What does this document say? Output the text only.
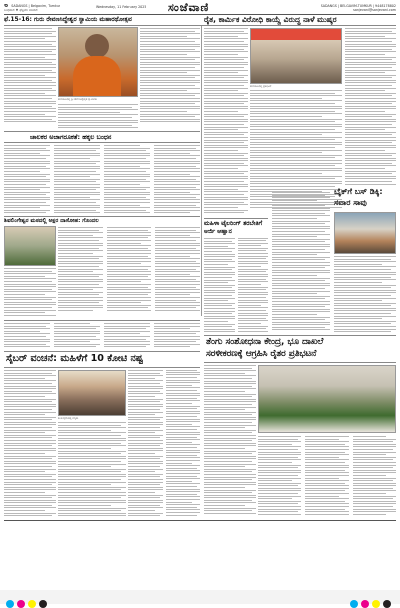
6 SADANGS | Belgavim, Tumkur
ಬುಧವಾರ ♦ ಫೆಬ್ರವರಿ ಬಾಜಾರ
Wednesday, 11 February 2025 ಸಂಜೆವಾಣಿ	SADANGS | BELGAVIM-TUMKUR | 9448178802
sanjevani@sanjevani.com
ಫೆ.15-16: ಗುರು ರೇವಣಸಿದ್ಧೇಶ್ವರ ಸ್ವಾಮಿಯ ಮಹಾರಥೋತ್ಸವ	ರೈತ, ಕಾರ್ಮಿಕ ವಿರೋಧಿ ಕಾಯ್ದೆ ವಿರುದ್ಧ ನಾಳೆ ಮುಷ್ಕರ
ತುಮಕೂರಿನಲ್ಲಿ ಶ್ರೀ ರೇವಣಸಿದ್ಧೇಶ್ವರ ಸ್ವಾಮಿಗಳು
ತುಮಕೂರಿನಲ್ಲಿ ಪ್ರತಿಭಟನೆ
ಚಾಲಕರ ಅಜಾಗರೂಕತೆ: ಹಕ್ಕಲ ಬಂಧನ
ಶಿವಲಿಂಗೇಶ್ವರ ಮಠದಲ್ಲಿ ಅಕ್ಷರ ದಾಸೋಹ: ಗೊಂದಲ	ಮಹಿಳಾ ಟೈಲರಿಂಗ್ ತರಬೇತಿಗೆ ಅರ್ಜಿ ಆಹ್ವಾನ
ಬೈಕ್‌ಗೆ ಬಸ್ ಡಿಕ್ಕಿ:
ಸವಾರ ಸಾವು
ತೆಂಗು ಸಂಶೋಧನಾ ಕೇಂದ್ರ, ಭೂ ದಾಖಲೆ
ಸರಳೀಕರಣಕ್ಕೆ ಆಗ್ರಹಿಸಿ ರೈತರ ಪ್ರತಿಭಟನೆ
ಸೈಬರ್ ವಂಚನೆ: ಮಹಿಳೆಗೆ 10 ಕೋಟಿ ನಷ್ಟ
ಕಾರ್ಯಕ್ರಮದಲ್ಲಿ ಗಣ್ಯರು
